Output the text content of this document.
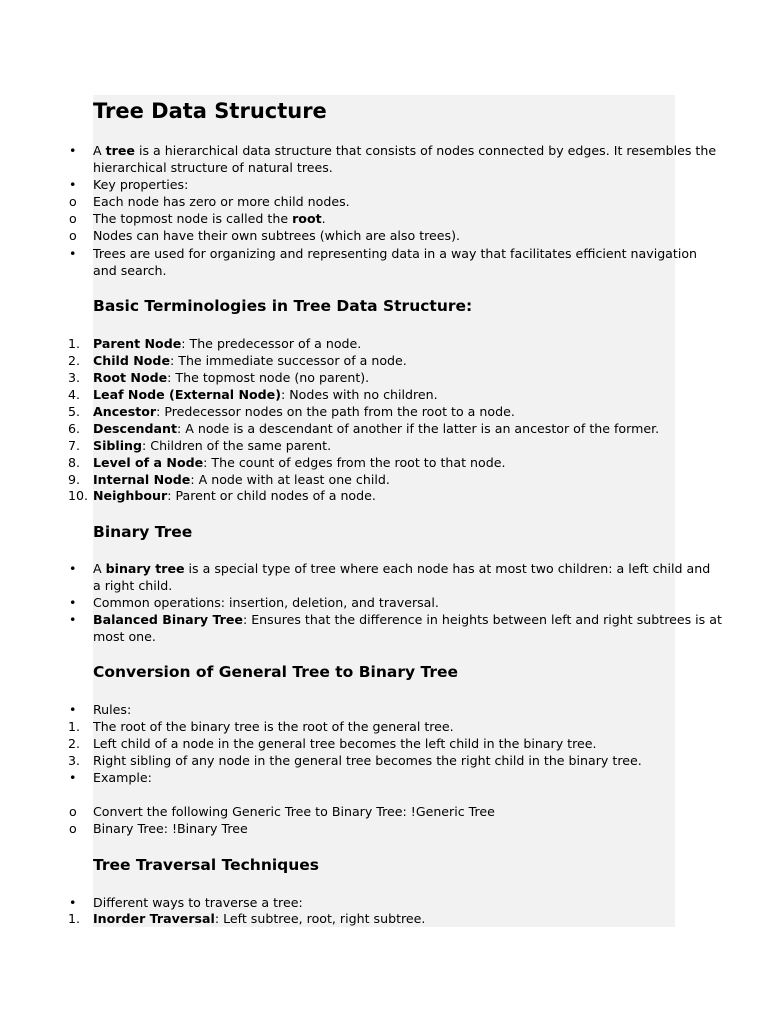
Tree Data Structure
•	A tree is a hierarchical data structure that consists of nodes connected by edges. It resembles the

hierarchical structure of natural trees.

•	Key properties:

o	Each node has zero or more child nodes.

o	The topmost node is called the root.

o	Nodes can have their own subtrees (which are also trees).

•	Trees are used for organizing and representing data in a way that facilitates efficient navigation

and search.

Basic Terminologies in Tree Data Structure:
1.	Parent Node: The predecessor of a node.

2.	Child Node: The immediate successor of a node.

3.	Root Node: The topmost node (no parent).

4.	Leaf Node (External Node): Nodes with no children.

5.	Ancestor: Predecessor nodes on the path from the root to a node.

6.	Descendant: A node is a descendant of another if the latter is an ancestor of the former.

7.	Sibling: Children of the same parent.

8.	Level of a Node: The count of edges from the root to that node.

9.	Internal Node: A node with at least one child.

10. Neighbour: Parent or child nodes of a node.

Binary Tree
•	A binary tree is a special type of tree where each node has at most two children: a left child and

a right child.

•	Common operations: insertion, deletion, and traversal.

•	Balanced Binary Tree: Ensures that the difference in heights between left and right subtrees is at

most one.

Conversion of General Tree to Binary Tree
•	Rules:

1.	The root of the binary tree is the root of the general tree.

2.	Left child of a node in the general tree becomes the left child in the binary tree.

3.	Right sibling of any node in the general tree becomes the right child in the binary tree.

•	Example:

o	Convert the following Generic Tree to Binary Tree: !Generic Tree

o	Binary Tree: !Binary Tree

Tree Traversal Techniques
•	Different ways to traverse a tree:

1.	Inorder Traversal: Left subtree, root, right subtree.
